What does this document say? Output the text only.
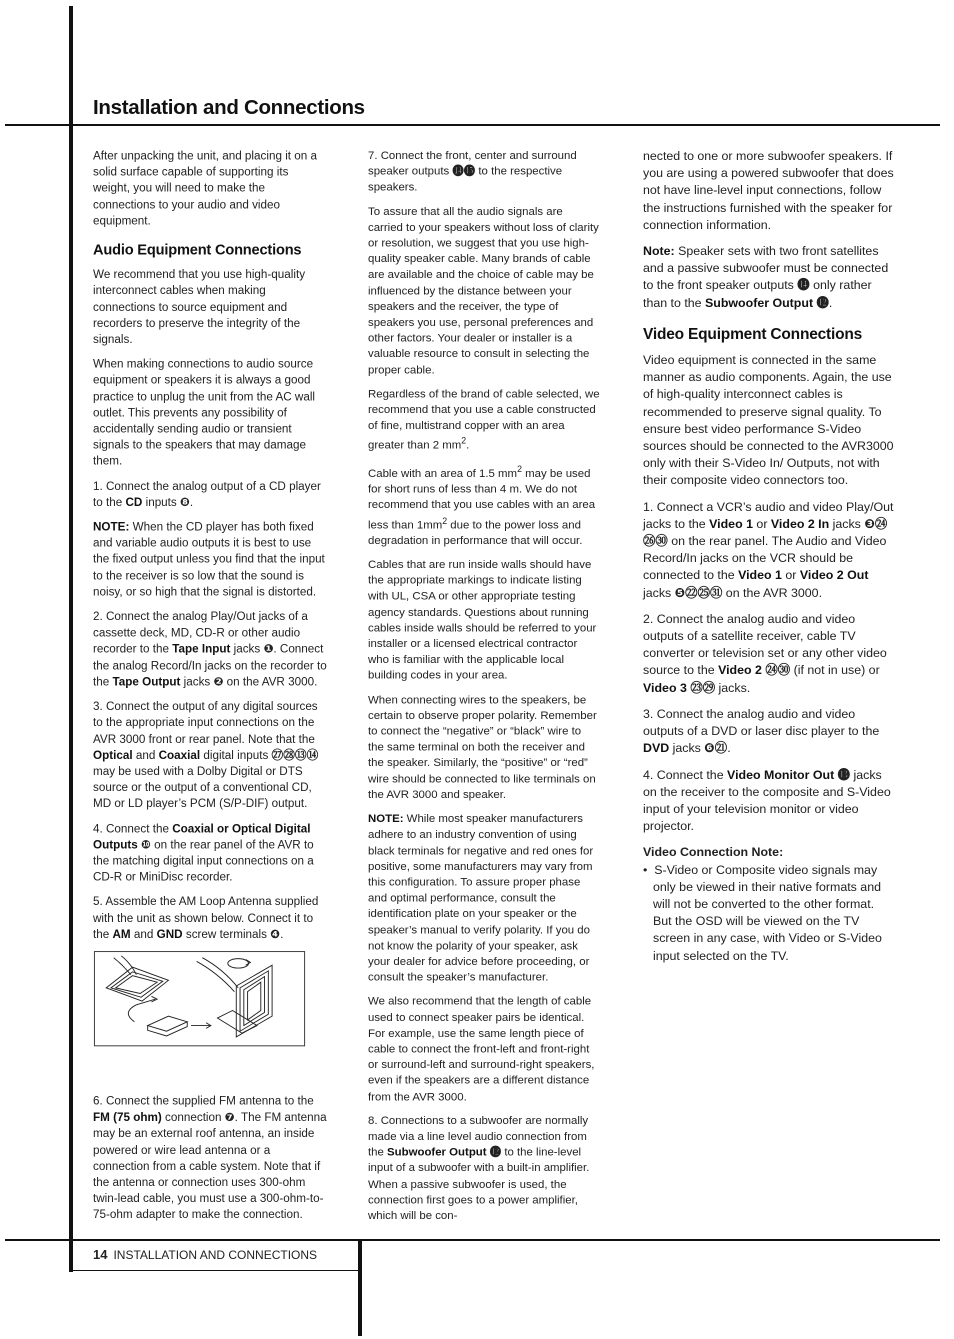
Installation and Connections

After unpacking the unit, and placing it on a solid surface capable of supporting its weight, you will need to make the connections to your audio and video equipment.

Audio Equipment Connections

We recommend that you use high-quality interconnect cables when making connections to source equipment and recorders to preserve the integrity of the signals.

When making connections to audio source equipment or speakers it is always a good practice to unplug the unit from the AC wall outlet. This prevents any possibility of accidentally sending audio or transient signals to the speakers that may damage them.

1. Connect the analog output of a CD player to the CD inputs ❽.

NOTE: When the CD player has both fixed and variable audio outputs it is best to use the fixed output unless you find that the input to the receiver is so low that the sound is noisy, or so high that the signal is distorted.

2. Connect the analog Play/Out jacks of a cassette deck, MD, CD-R or other audio recorder to the Tape Input jacks ❶. Connect the analog Record/In jacks on the recorder to the Tape Output jacks ❷ on the AVR 3000.

3. Connect the output of any digital sources to the appropriate input connections on the AVR 3000 front or rear panel. Note that the Optical and Coaxial digital inputs ㉗㉘⑬⑭ may be used with a Dolby Digital or DTS source or the output of a conventional CD, MD or LD player’s PCM (S/P-DIF) output.

4. Connect the Coaxial or Optical Digital Outputs ❿ on the rear panel of the AVR to the matching digital input connections on a CD-R or MiniDisc recorder.

5. Assemble the AM Loop Antenna supplied with the unit as shown below. Connect it to the AM and GND screw terminals ❹.

6. Connect the supplied FM antenna to the FM (75 ohm) connection ❼. The FM antenna may be an external roof antenna, an inside powered or wire lead antenna or a connection from a cable system. Note that if the antenna or connection uses 300-ohm twin-lead cable, you must use a 300-ohm-to-75-ohm adapter to make the connection.

7. Connect the front, center and surround speaker outputs ⓮⓯ to the respective speakers.

To assure that all the audio signals are carried to your speakers without loss of clarity or resolution, we suggest that you use high-quality speaker cable. Many brands of cable are available and the choice of cable may be influenced by the distance between your speakers and the receiver, the type of speakers you use, personal preferences and other factors. Your dealer or installer is a valuable resource to consult in selecting the proper cable.

Regardless of the brand of cable selected, we recommend that you use a cable constructed of fine, multistrand copper with an area greater than 2 $mm^2$.

Cable with an area of 1.5 $mm^2$ may be used for short runs of less than 4 m. We do not recommend that you use cables with an area less than $1mm^2$ due to the power loss and degradation in performance that will occur.

Cables that are run inside walls should have the appropriate markings to indicate listing with UL, CSA or other appropriate testing agency standards. Questions about running cables inside walls should be referred to your installer or a licensed electrical contractor who is familiar with the applicable local building codes in your area.

When connecting wires to the speakers, be certain to observe proper polarity. Remember to connect the “negative” or “black” wire to the same terminal on both the receiver and the speaker. Similarly, the “positive” or “red” wire should be connected to like terminals on the AVR 3000 and speaker.

NOTE: While most speaker manufacturers adhere to an industry convention of using black terminals for negative and red ones for positive, some manufacturers may vary from this configuration. To assure proper phase and optimal performance, consult the identification plate on your speaker or the speaker’s manual to verify polarity. If you do not know the polarity of your speaker, ask your dealer for advice before proceeding, or consult the speaker’s manufacturer.

We also recommend that the length of cable used to connect speaker pairs be identical. For example, use the same length piece of cable to connect the front-left and front-right or surround-left and surround-right speakers, even if the speakers are a different distance from the AVR 3000.

8. Connections to a subwoofer are normally made via a line level audio connection from the Subwoofer Output ⓬ to the line-level input of a subwoofer with a built-in amplifier. When a passive subwoofer is used, the connection first goes to a power amplifier, which will be con-

nected to one or more subwoofer speakers. If you are using a powered subwoofer that does not have line-level input connections, follow the instructions furnished with the speaker for connection information.

Note: Speaker sets with two front satellites and a passive subwoofer must be connected to the front speaker outputs ⓮ only rather than to the Subwoofer Output ⓬.

Video Equipment Connections

Video equipment is connected in the same manner as audio components. Again, the use of high-quality interconnect cables is recommended to preserve signal quality. To ensure best video performance S-Video sources should be connected to the AVR3000 only with their S-Video In/ Outputs, not with their composite video connectors too.

1. Connect a VCR’s audio and video Play/Out jacks to the Video 1 or Video 2 In jacks ❸㉔㉖㉚ on the rear panel. The Audio and Video Record/In jacks on the VCR should be connected to the Video 1 or Video 2 Out jacks ❺㉒㉕㉛ on the AVR 3000.

2. Connect the analog audio and video outputs of a satellite receiver, cable TV converter or television set or any other video source to the Video 2 ㉔㉚ (if not in use) or Video 3 ㉓㉙ jacks.

3. Connect the analog audio and video outputs of a DVD or laser disc player to the DVD jacks ❻㉑.

4. Connect the Video Monitor Out ⓭ jacks on the receiver to the composite and S-Video input of your television monitor or video projector.

Video Connection Note:

•  S-Video or Composite video signals may only be viewed in their native formats and will not be converted to the other format. But the OSD will be viewed on the TV screen in any case, with Video or S-Video input selected on the TV.
14 INSTALLATION AND CONNECTIONS
